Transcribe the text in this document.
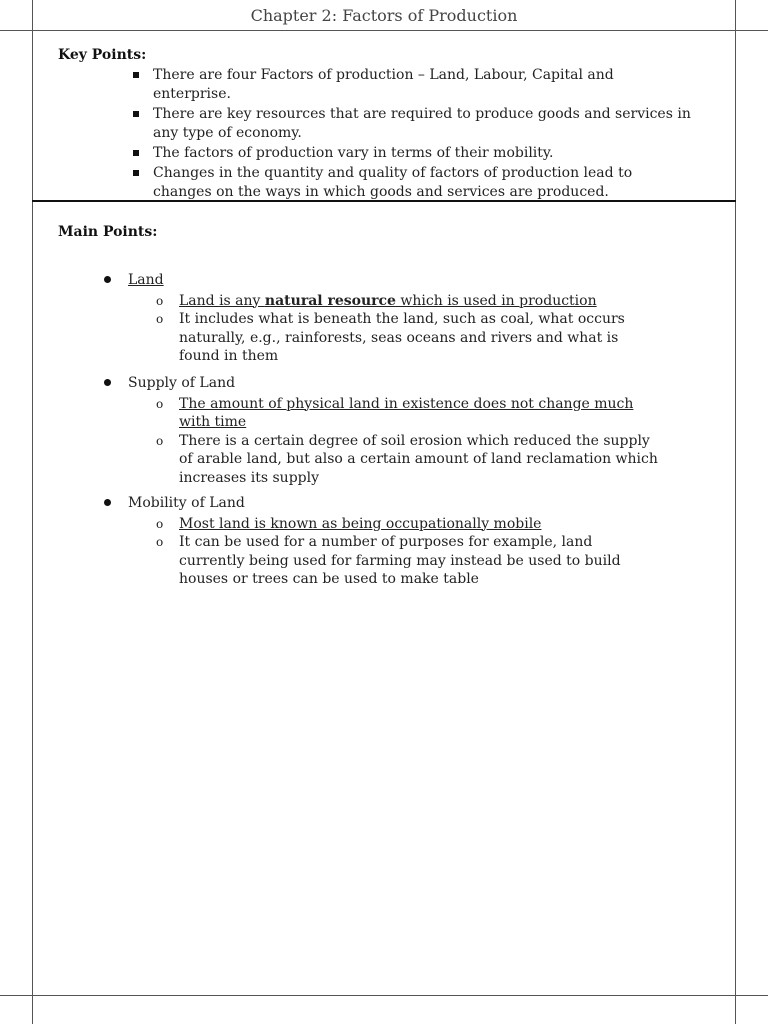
Chapter 2: Factors of Production
Key Points:
There are four Factors of production – Land, Labour, Capital and enterprise.
There are key resources that are required to produce goods and services in any type of economy.
The factors of production vary in terms of their mobility.
Changes in the quantity and quality of factors of production lead to changes on the ways in which goods and services are produced.
Main Points:
Land
o Land is any natural resource which is used in production
o It includes what is beneath the land, such as coal, what occurs naturally, e.g., rainforests, seas oceans and rivers and what is found in them
Supply of Land
o The amount of physical land in existence does not change much with time
o There is a certain degree of soil erosion which reduced the supply of arable land, but also a certain amount of land reclamation which increases its supply
Mobility of Land
o Most land is known as being occupationally mobile
o It can be used for a number of purposes for example, land currently being used for farming may instead be used to build houses or trees can be used to make table
